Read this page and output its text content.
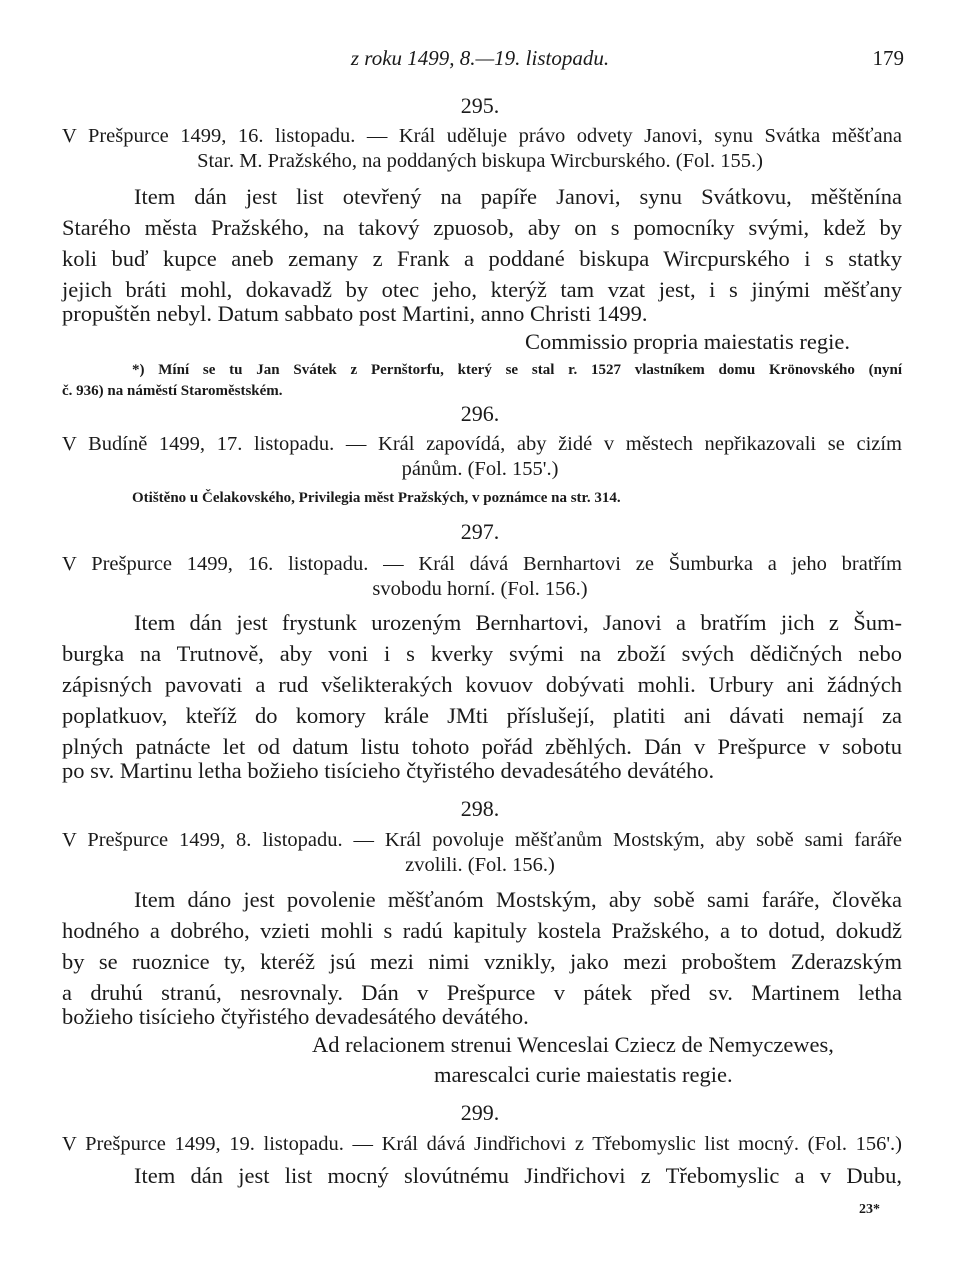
z roku 1499, 8.—19. listopadu.	179
295.
V Prešpurce 1499, 16. listopadu. — Král uděluje právo odvety Janovi, synu Svátka měšťana
Star. M. Pražského, na poddaných biskupa Wircburského. (Fol. 155.)
Item dán jest list otevřený na papíře Janovi, synu Svátkovu, měštěnína
Starého města Pražského, na takový zpuosob, aby on s pomocníky svými, kdež by
koli buď kupce aneb zemany z Frank a poddané biskupa Wircpurského i s statky
jejich bráti mohl, dokavadž by otec jeho, kterýž tam vzat jest, i s jinými měšťany
propuštěn nebyl. Datum sabbato post Martini, anno Christi 1499.
Commissio propria maiestatis regie.
*) Míní se tu Jan Svátek z Pernštorfu, který se stal r. 1527 vlastníkem domu Krönovského (nyní
č. 936) na náměstí Staroměstském.
296.
V Budíně 1499, 17. listopadu. — Král zapovídá, aby židé v městech nepřikazovali se cizím
pánům. (Fol. 155'.)
Otištěno u Čelakovského, Privilegia měst Pražských, v poznámce na str. 314.
297.
V Prešpurce 1499, 16. listopadu. — Král dává Bernhartovi ze Šumburka a jeho bratřím
svobodu horní. (Fol. 156.)
Item dán jest frystunk urozeným Bernhartovi, Janovi a bratřím jich z Šum-
burgka na Trutnově, aby voni i s kverky svými na zboží svých dědičných nebo
zápisných pavovati a rud všelikterakých kovuov dobývati mohli. Urbury ani žádných
poplatkuov, kteříž do komory krále JMti příslušejí, platiti ani dávati nemají za
plných patnácte let od datum listu tohoto pořád zběhlých. Dán v Prešpurce v sobotu
po sv. Martinu letha božieho tisícieho čtyřistého devadesátého devátého.
298.
V Prešpurce 1499, 8. listopadu. — Král povoluje měšťanům Mostským, aby sobě sami faráře
zvolili. (Fol. 156.)
Item dáno jest povolenie měšťanóm Mostským, aby sobě sami faráře, člověka
hodného a dobrého, vzieti mohli s radú kapituly kostela Pražského, a to dotud, dokudž
by se ruoznice ty, kteréž jsú mezi nimi vznikly, jako mezi proboštem Zderazským
a druhú stranú, nesrovnaly. Dán v Prešpurce v pátek před sv. Martinem letha
božieho tisícieho čtyřistého devadesátého devátého.
Ad relacionem strenui Wenceslai Cziecz de Nemyczewes,
marescalci curie maiestatis regie.
299.
V Prešpurce 1499, 19. listopadu. — Král dává Jindřichovi z Třebomyslic list mocný. (Fol. 156'.)
Item dán jest list mocný slovútnému Jindřichovi z Třebomyslic a v Dubu,
23*
